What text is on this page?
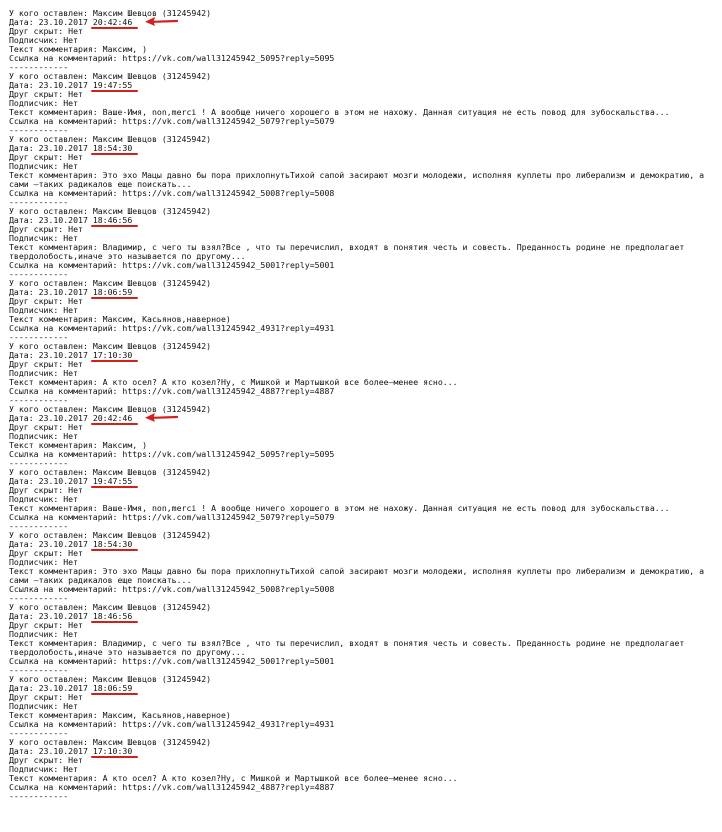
У кого оставлен: Максим Шевцов (31245942)
Дата: 23.10.2017 20:42:46
Друг скрыт: Нет
Подписчик: Нет
Текст комментария: Максим, )
Ссылка на комментарий: https://vk.com/wall31245942_5095?reply=5095
------------
У кого оставлен: Максим Шевцов (31245942)
Дата: 23.10.2017 19:47:55
Друг скрыт: Нет
Подписчик: Нет
Текст комментария: Ваше-Имя, non,merci ! А вообще ничего хорошего в этом не нахожу. Данная ситуация не есть повод для зубоскальства...
Ссылка на комментарий: https://vk.com/wall31245942_5079?reply=5079
------------
У кого оставлен: Максим Шевцов (31245942)
Дата: 23.10.2017 18:54:30
Друг скрыт: Нет
Подписчик: Нет
Текст комментария: Это эхо Мацы давно бы пора прихлопнутьТихой сапой засирают мозги молодежи, исполняя куплеты про либерализм и демократию, а сами —таких радикалов еще поискать...
Ссылка на комментарий: https://vk.com/wall31245942_5008?reply=5008
------------
У кого оставлен: Максим Шевцов (31245942)
Дата: 23.10.2017 18:46:56
Друг скрыт: Нет
Подписчик: Нет
Текст комментария: Владимир, с чего ты взял?Все , что ты перечислил, входят в понятия честь и совесть. Преданность родине не предполагает твердолобость,иначе это называется по другому...
Ссылка на комментарий: https://vk.com/wall31245942_5001?reply=5001
------------
У кого оставлен: Максим Шевцов (31245942)
Дата: 23.10.2017 18:06:59
Друг скрыт: Нет
Подписчик: Нет
Текст комментария: Максим, Касьянов,наверное)
Ссылка на комментарий: https://vk.com/wall31245942_4931?reply=4931
------------
У кого оставлен: Максим Шевцов (31245942)
Дата: 23.10.2017 17:10:30
Друг скрыт: Нет
Подписчик: Нет
Текст комментария: А кто осел? А кто козел?Ну, с Мишкой и Мартышкой все более—менее ясно...
Ссылка на комментарий: https://vk.com/wall31245942_4887?reply=4887
------------
У кого оставлен: Максим Шевцов (31245942)
Дата: 23.10.2017 20:42:46
Друг скрыт: Нет
Подписчик: Нет
Текст комментария: Максим, )
Ссылка на комментарий: https://vk.com/wall31245942_5095?reply=5095
------------
У кого оставлен: Максим Шевцов (31245942)
Дата: 23.10.2017 19:47:55
Друг скрыт: Нет
Подписчик: Нет
Текст комментария: Ваше-Имя, non,merci ! А вообще ничего хорошего в этом не нахожу. Данная ситуация не есть повод для зубоскальства...
Ссылка на комментарий: https://vk.com/wall31245942_5079?reply=5079
------------
У кого оставлен: Максим Шевцов (31245942)
Дата: 23.10.2017 18:54:30
Друг скрыт: Нет
Подписчик: Нет
Текст комментария: Это эхо Мацы давно бы пора прихлопнутьТихой сапой засирают мозги молодежи, исполняя куплеты про либерализм и демократию, а сами —таких радикалов еще поискать...
Ссылка на комментарий: https://vk.com/wall31245942_5008?reply=5008
------------
У кого оставлен: Максим Шевцов (31245942)
Дата: 23.10.2017 18:46:56
Друг скрыт: Нет
Подписчик: Нет
Текст комментария: Владимир, с чего ты взял?Все , что ты перечислил, входят в понятия честь и совесть. Преданность родине не предполагает твердолобость,иначе это называется по другому...
Ссылка на комментарий: https://vk.com/wall31245942_5001?reply=5001
------------
У кого оставлен: Максим Шевцов (31245942)
Дата: 23.10.2017 18:06:59
Друг скрыт: Нет
Подписчик: Нет
Текст комментария: Максим, Касьянов,наверное)
Ссылка на комментарий: https://vk.com/wall31245942_4931?reply=4931
------------
У кого оставлен: Максим Шевцов (31245942)
Дата: 23.10.2017 17:10:30
Друг скрыт: Нет
Подписчик: Нет
Текст комментария: А кто осел? А кто козел?Ну, с Мишкой и Мартышкой все более—менее ясно...
Ссылка на комментарий: https://vk.com/wall31245942_4887?reply=4887
------------
